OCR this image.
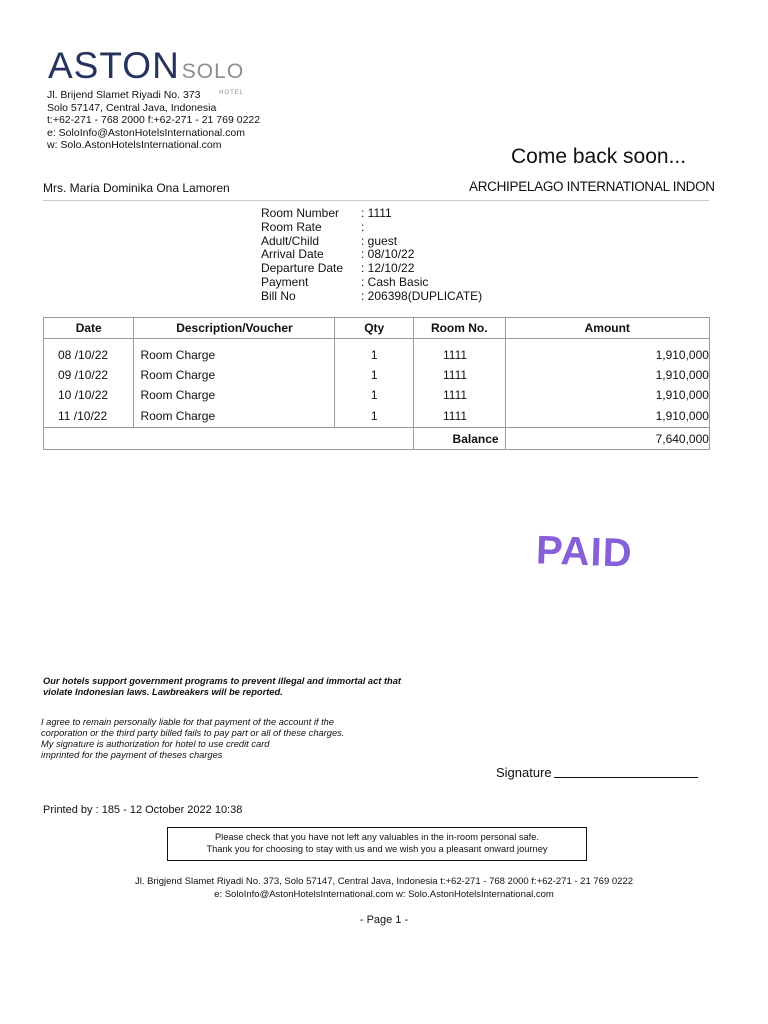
ASTON SOLO
HOTEL
Jl. Brijend Slamet Riyadi No. 373
Solo 57147, Central Java, Indonesia
t:+62-271 - 768 2000 f:+62-271 - 21 769 0222
e: SoloInfo@AstonHotelsInternational.com
w: Solo.AstonHotelsInternational.com	Come back soon...
Mrs. Maria Dominika Ona Lamoren	ARCHIPELAGO INTERNATIONAL INDON
Room Number	: 1111
Room Rate	:
Adult/Child	: guest
Arrival Date	: 08/10/22
Departure Date	: 12/10/22
Payment	: Cash Basic
Bill No	: 206398(DUPLICATE)
Date	Description/Voucher	Qty	Room No.	Amount
08 /10/22	Room Charge	1	1111	1,910,000
09 /10/22	Room Charge	1	1111	1,910,000
10 /10/22	Room Charge	1	1111	1,910,000
11 /10/22	Room Charge	1	1111	1,910,000
			Balance	7,640,000
PAID
Our hotels support government programs to prevent illegal and immortal act that
violate Indonesian laws. Lawbreakers will be reported.
I agree to remain personally liable for that payment of the account if the
corporation or the third party billed fails to pay part or all of these charges.
My signature is authorization for hotel to use credit card
imprinted for the payment of theses charges
Signature
Printed by : 185 - 12 October 2022 10:38
Please check that you have not left any valuables in the in-room personal safe.
Thank you for choosing to stay with us and we wish you a pleasant onward journey
Jl. Brigjend Slamet Riyadi No. 373, Solo 57147, Central Java, Indonesia t:+62-271 - 768 2000 f:+62-271 - 21 769 0222
e: SoloInfo@AstonHotelsInternational.com w: Solo.AstonHotelsInternational.com
- Page 1 -
